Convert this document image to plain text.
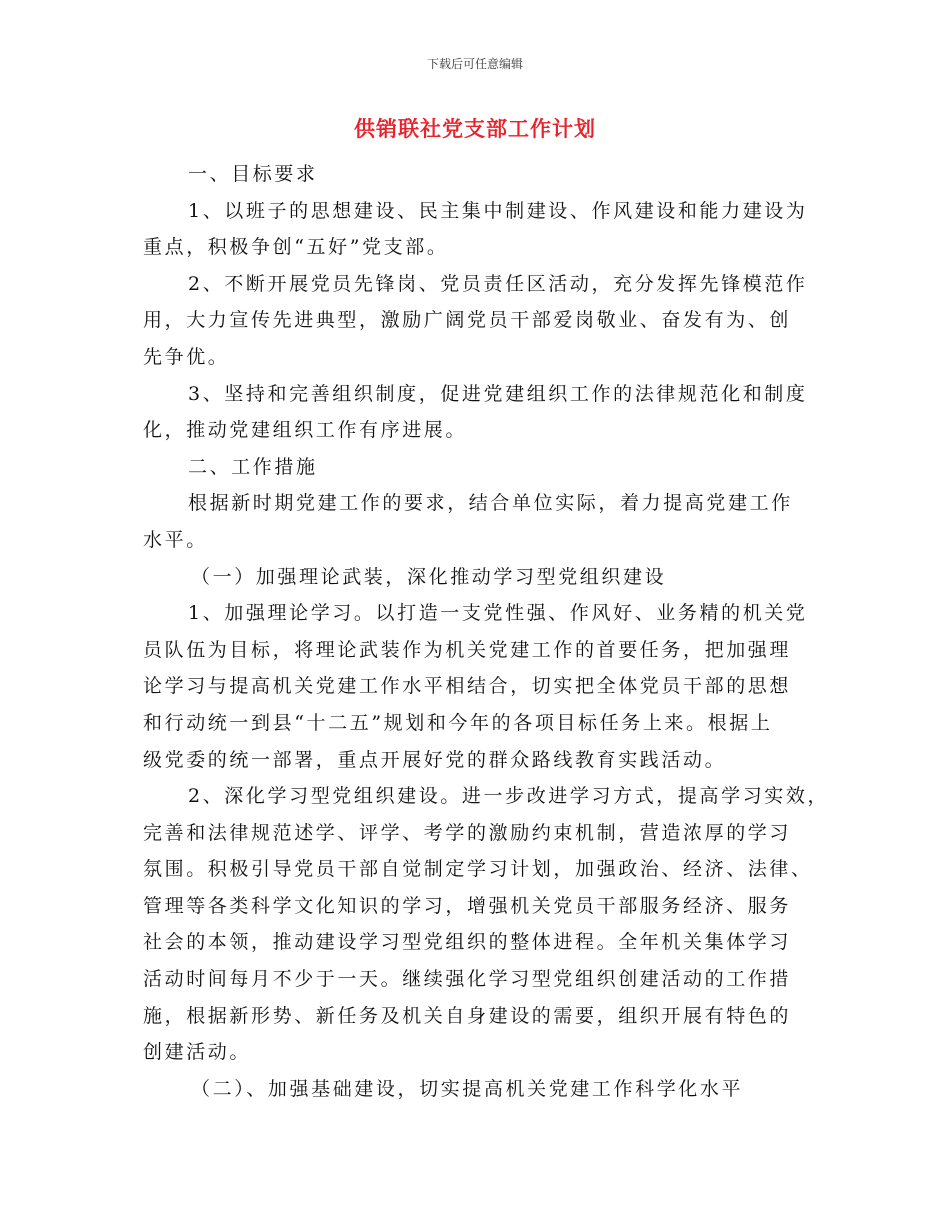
下载后可任意编辑
供销联社党支部工作计划
一、目标要求
1、以班子的思想建设、民主集中制建设、作风建设和能力建设为
重点，积极争创“五好”党支部。
2、不断开展党员先锋岗、党员责任区活动，充分发挥先锋模范作
用，大力宣传先进典型，激励广阔党员干部爱岗敬业、奋发有为、创
先争优。
3、坚持和完善组织制度，促进党建组织工作的法律规范化和制度
化，推动党建组织工作有序进展。
二、工作措施
根据新时期党建工作的要求，结合单位实际，着力提高党建工作
水平。
（一）加强理论武装，深化推动学习型党组织建设
1、加强理论学习。以打造一支党性强、作风好、业务精的机关党
员队伍为目标，将理论武装作为机关党建工作的首要任务，把加强理
论学习与提高机关党建工作水平相结合，切实把全体党员干部的思想
和行动统一到县“十二五”规划和今年的各项目标任务上来。根据上
级党委的统一部署，重点开展好党的群众路线教育实践活动。
2、深化学习型党组织建设。进一步改进学习方式，提高学习实效，
完善和法律规范述学、评学、考学的激励约束机制，营造浓厚的学习
氛围。积极引导党员干部自觉制定学习计划，加强政治、经济、法律、
管理等各类科学文化知识的学习，增强机关党员干部服务经济、服务
社会的本领，推动建设学习型党组织的整体进程。全年机关集体学习
活动时间每月不少于一天。继续强化学习型党组织创建活动的工作措
施，根据新形势、新任务及机关自身建设的需要，组织开展有特色的
创建活动。
（二）、加强基础建设，切实提高机关党建工作科学化水平
